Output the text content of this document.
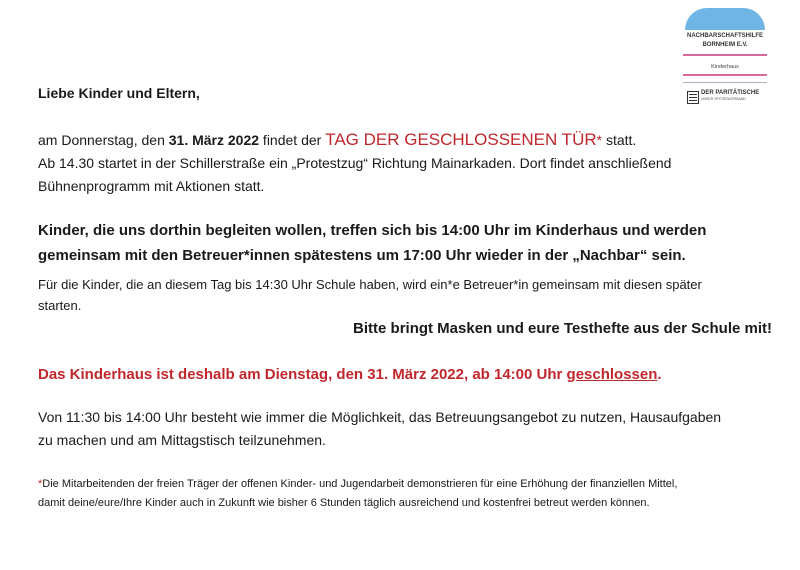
NACHBARSCHAFTSHILFE
BORNHEIM E.V.
Kinderhaus
DER PARITÄTISCHE
UNSER SPITZENVERBAND
Liebe Kinder und Eltern,
am Donnerstag, den 31. März 2022 findet der TAG DER GESCHLOSSENEN TÜR* statt.
Ab 14.30 startet in der Schillerstraße ein „Protestzug“ Richtung Mainarkaden. Dort findet anschließend
Bühnenprogramm mit Aktionen statt.
Kinder, die uns dorthin begleiten wollen, treffen sich bis 14:00 Uhr im Kinderhaus und werden
gemeinsam mit den Betreuer*innen spätestens um 17:00 Uhr wieder in der „Nachbar“ sein.
Für die Kinder, die an diesem Tag bis 14:30 Uhr Schule haben, wird ein*e Betreuer*in gemeinsam mit diesen später
starten.
Bitte bringt Masken und eure Testhefte aus der Schule mit!
Das Kinderhaus ist deshalb am Dienstag, den 31. März 2022, ab 14:00 Uhr geschlossen.
Von 11:30 bis 14:00 Uhr besteht wie immer die Möglichkeit, das Betreuungsangebot zu nutzen, Hausaufgaben
zu machen und am Mittagstisch teilzunehmen.
*Die Mitarbeitenden der freien Träger der offenen Kinder- und Jugendarbeit demonstrieren für eine Erhöhung der finanziellen Mittel,
damit deine/eure/Ihre Kinder auch in Zukunft wie bisher 6 Stunden täglich ausreichend und kostenfrei betreut werden können.
